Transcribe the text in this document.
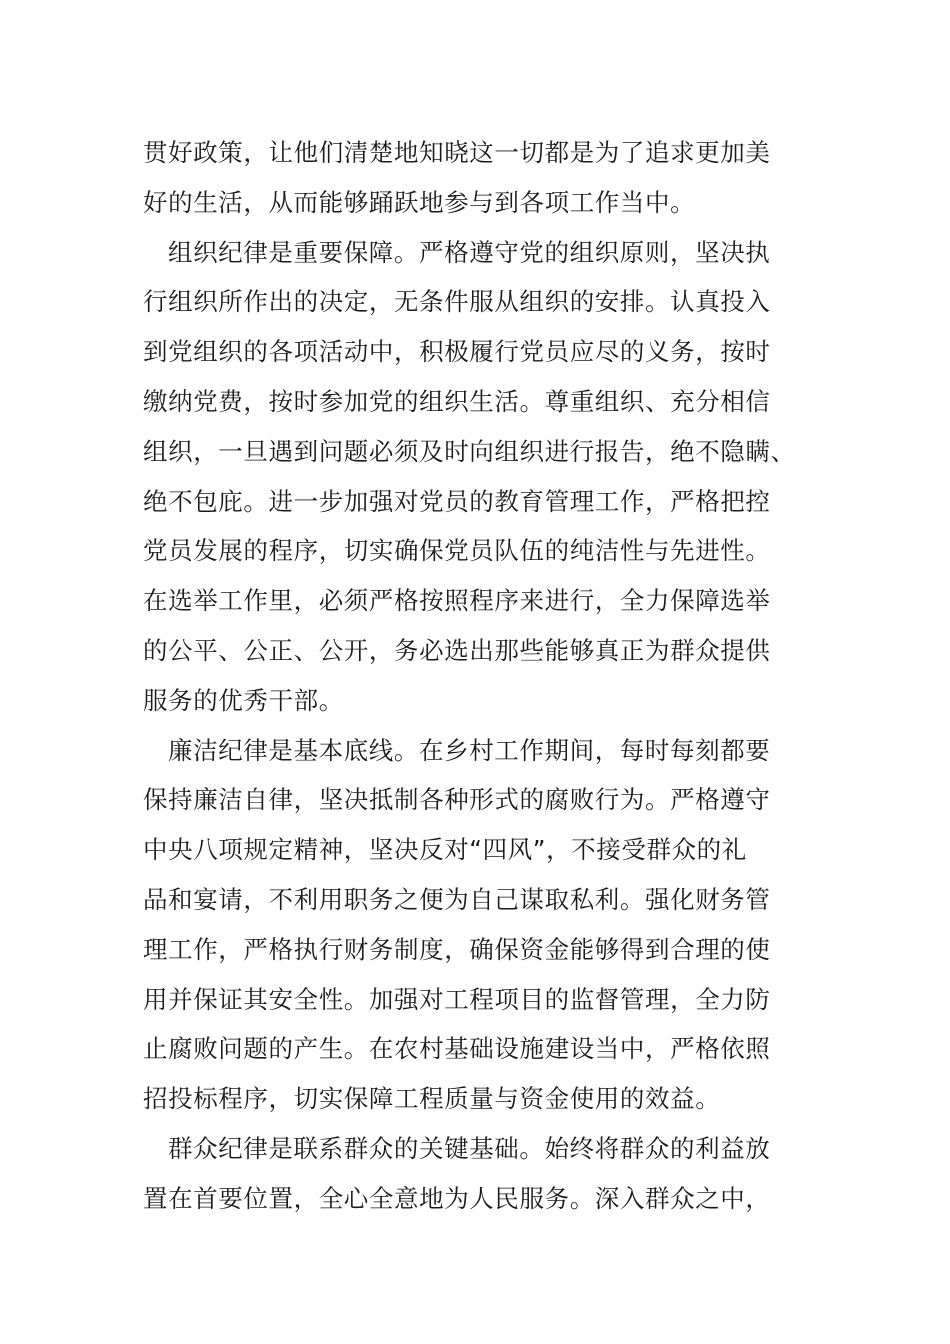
贯好政策，让他们清楚地知晓这一切都是为了追求更加美
好的生活，从而能够踊跃地参与到各项工作当中。
组织纪律是重要保障。严格遵守党的组织原则，坚决执
行组织所作出的决定，无条件服从组织的安排。认真投入
到党组织的各项活动中，积极履行党员应尽的义务，按时
缴纳党费，按时参加党的组织生活。尊重组织、充分相信
组织，一旦遇到问题必须及时向组织进行报告，绝不隐瞒、
绝不包庇。进一步加强对党员的教育管理工作，严格把控
党员发展的程序，切实确保党员队伍的纯洁性与先进性。
在选举工作里，必须严格按照程序来进行，全力保障选举
的公平、公正、公开，务必选出那些能够真正为群众提供
服务的优秀干部。
廉洁纪律是基本底线。在乡村工作期间，每时每刻都要
保持廉洁自律，坚决抵制各种形式的腐败行为。严格遵守
中央八项规定精神，坚决反对“四风”，不接受群众的礼
品和宴请，不利用职务之便为自己谋取私利。强化财务管
理工作，严格执行财务制度，确保资金能够得到合理的使
用并保证其安全性。加强对工程项目的监督管理，全力防
止腐败问题的产生。在农村基础设施建设当中，严格依照
招投标程序，切实保障工程质量与资金使用的效益。
群众纪律是联系群众的关键基础。始终将群众的利益放
置在首要位置，全心全意地为人民服务。深入群众之中，
